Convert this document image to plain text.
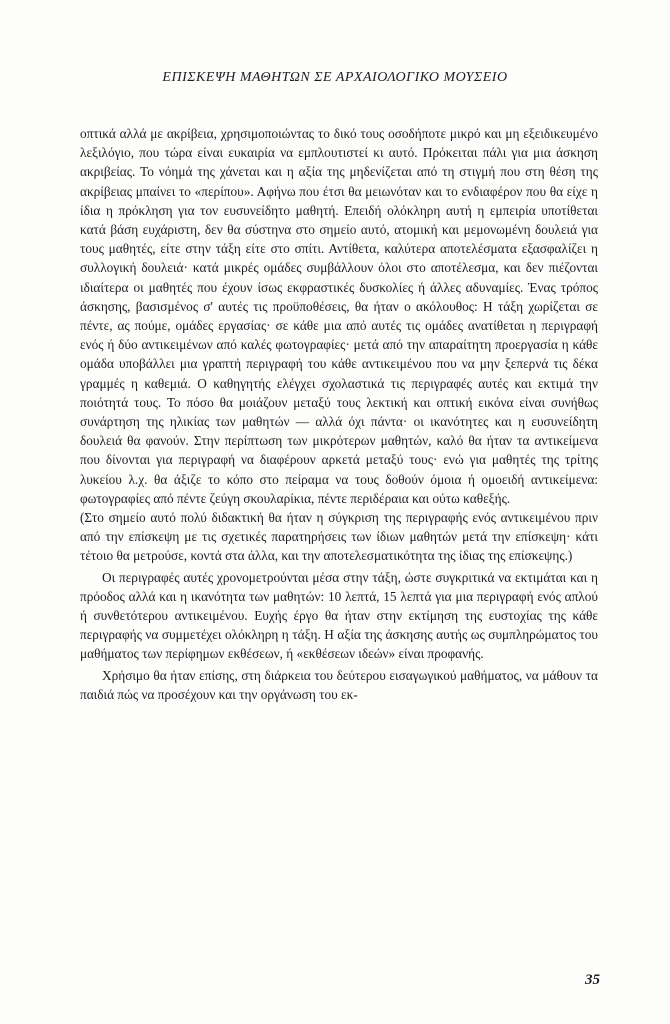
ΕΠΙΣΚΕΨΗ ΜΑΘΗΤΩΝ ΣΕ ΑΡΧΑΙΟΛΟΓΙΚΟ ΜΟΥΣΕΙΟ

οπτικά αλλά με ακρίβεια, χρησιμοποιώντας το δικό τους οσοδήποτε μικρό και μη εξειδικευμένο λεξιλόγιο, που τώρα είναι ευκαιρία να εμπλουτιστεί κι αυτό. Πρόκειται πάλι για μια άσκηση ακριβείας. Το νόημά της χάνεται και η αξία της μηδενίζεται από τη στιγμή που στη θέση της ακρίβειας μπαίνει το «περίπου». Αφήνω που έτσι θα μειωνόταν και το ενδιαφέρον που θα είχε η ίδια η πρόκληση για τον ευσυνείδητο μαθητή. Επειδή ολόκληρη αυτή η εμπειρία υποτίθεται κατά βάση ευχάριστη, δεν θα σύστηνα στο σημείο αυτό, ατομική και μεμονωμένη δουλειά για τους μαθητές, είτε στην τάξη είτε στο σπίτι. Αντίθετα, καλύτερα αποτελέσματα εξασφαλίζει η συλλογική δουλειά· κατά μικρές ομάδες συμβάλλουν όλοι στο αποτέλεσμα, και δεν πιέζονται ιδιαίτερα οι μαθητές που έχουν ίσως εκφραστικές δυσκολίες ή άλλες αδυναμίες. Ένας τρόπος άσκησης, βασισμένος σ' αυτές τις προϋποθέσεις, θα ήταν ο ακόλουθος: Η τάξη χωρίζεται σε πέντε, ας πούμε, ομάδες εργασίας· σε κάθε μια από αυτές τις ομάδες ανατίθεται η περιγραφή ενός ή δύο αντικειμένων από καλές φωτογραφίες· μετά από την απαραίτητη προεργασία η κάθε ομάδα υποβάλλει μια γραπτή περιγραφή του κάθε αντικειμένου που να μην ξεπερνά τις δέκα γραμμές η καθεμιά. Ο καθηγητής ελέγχει σχολαστικά τις περιγραφές αυτές και εκτιμά την ποιότητά τους. Το πόσο θα μοιάζουν μεταξύ τους λεκτική και οπτική εικόνα είναι συνήθως συνάρτηση της ηλικίας των μαθητών — αλλά όχι πάντα· οι ικανότητες και η ευσυνείδητη δουλειά θα φανούν. Στην περίπτωση των μικρότερων μαθητών, καλό θα ήταν τα αντικείμενα που δίνονται για περιγραφή να διαφέρουν αρκετά μεταξύ τους· ενώ για μαθητές της τρίτης λυκείου λ.χ. θα άξιζε το κόπο στο πείραμα να τους δοθούν όμοια ή ομοειδή αντικείμενα: φωτογραφίες από πέντε ζεύγη σκουλαρίκια, πέντε περιδέραια και ούτω καθεξής.

(Στο σημείο αυτό πολύ διδακτική θα ήταν η σύγκριση της περιγραφής ενός αντικειμένου πριν από την επίσκεψη με τις σχετικές παρατηρήσεις των ίδιων μαθητών μετά την επίσκεψη· κάτι τέτοιο θα μετρούσε, κοντά στα άλλα, και την αποτελεσματικότητα της ίδιας της επίσκεψης.)

Οι περιγραφές αυτές χρονομετρούνται μέσα στην τάξη, ώστε συγκριτικά να εκτιμάται και η πρόοδος αλλά και η ικανότητα των μαθητών: 10 λεπτά, 15 λεπτά για μια περιγραφή ενός απλού ή συνθετότερου αντικειμένου. Ευχής έργο θα ήταν στην εκτίμηση της ευστοχίας της κάθε περιγραφής να συμμετέχει ολόκληρη η τάξη. Η αξία της άσκησης αυτής ως συμπληρώματος του μαθήματος των περίφημων εκθέσεων, ή «εκθέσεων ιδεών» είναι προφανής.

Χρήσιμο θα ήταν επίσης, στη διάρκεια του δεύτερου εισαγωγικού μαθήματος, να μάθουν τα παιδιά πώς να προσέχουν και την οργάνωση του εκ-

35
